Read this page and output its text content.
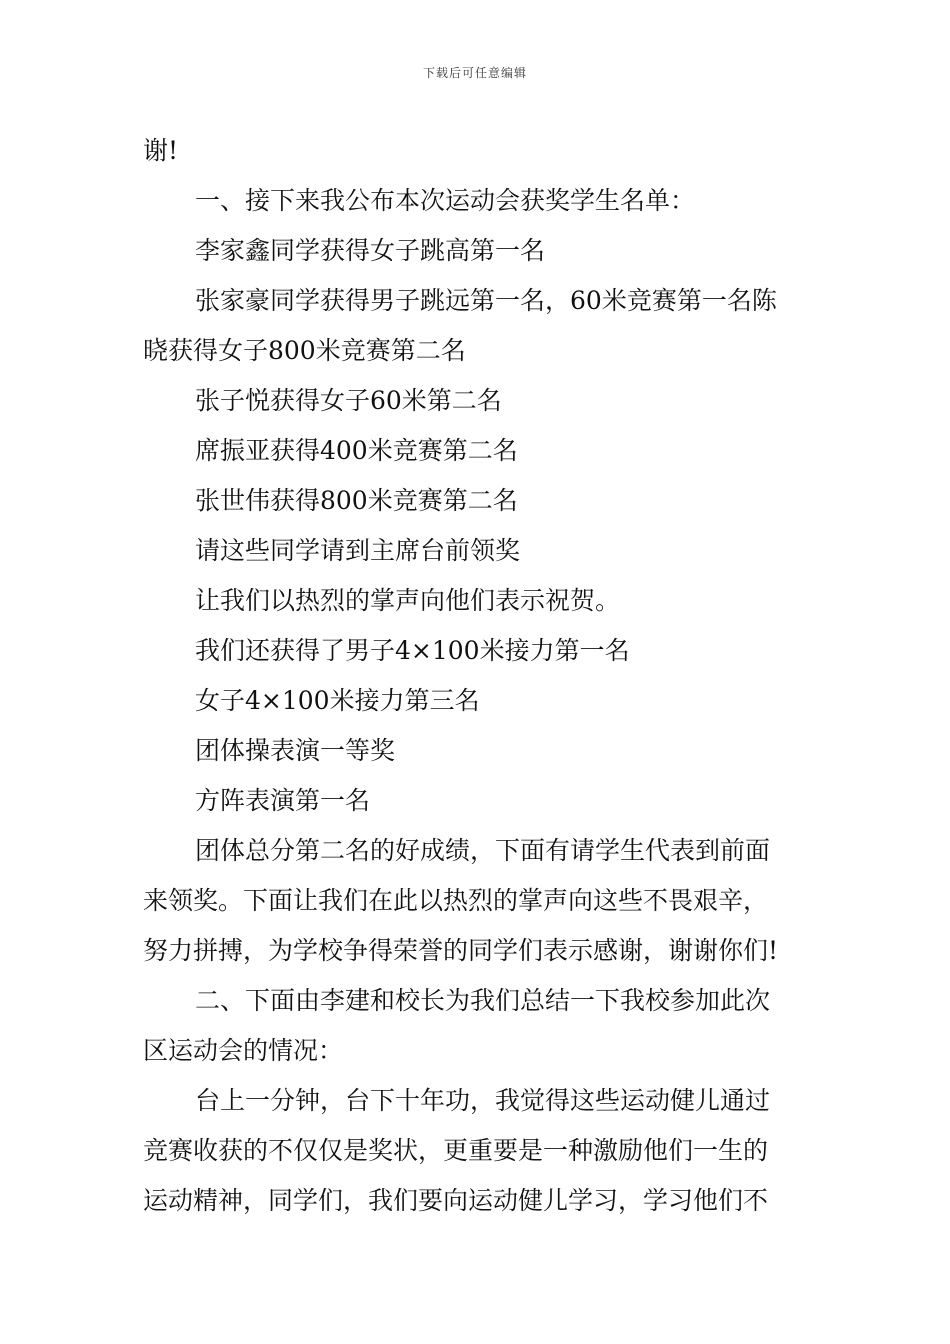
下载后可任意编辑
谢!
一、接下来我公布本次运动会获奖学生名单：
李家鑫同学获得女子跳高第一名
张家豪同学获得男子跳远第一名，60米竞赛第一名陈
晓获得女子800米竞赛第二名
张子悦获得女子60米第二名
席振亚获得400米竞赛第二名
张世伟获得800米竞赛第二名
请这些同学请到主席台前领奖
让我们以热烈的掌声向他们表示祝贺。
我们还获得了男子4×100米接力第一名
女子4×100米接力第三名
团体操表演一等奖
方阵表演第一名
团体总分第二名的好成绩，下面有请学生代表到前面
来领奖。下面让我们在此以热烈的掌声向这些不畏艰辛，
努力拼搏，为学校争得荣誉的同学们表示感谢，谢谢你们!
二、下面由李建和校长为我们总结一下我校参加此次
区运动会的情况：
台上一分钟，台下十年功，我觉得这些运动健儿通过
竞赛收获的不仅仅是奖状，更重要是一种激励他们一生的
运动精神，同学们，我们要向运动健儿学习，学习他们不
